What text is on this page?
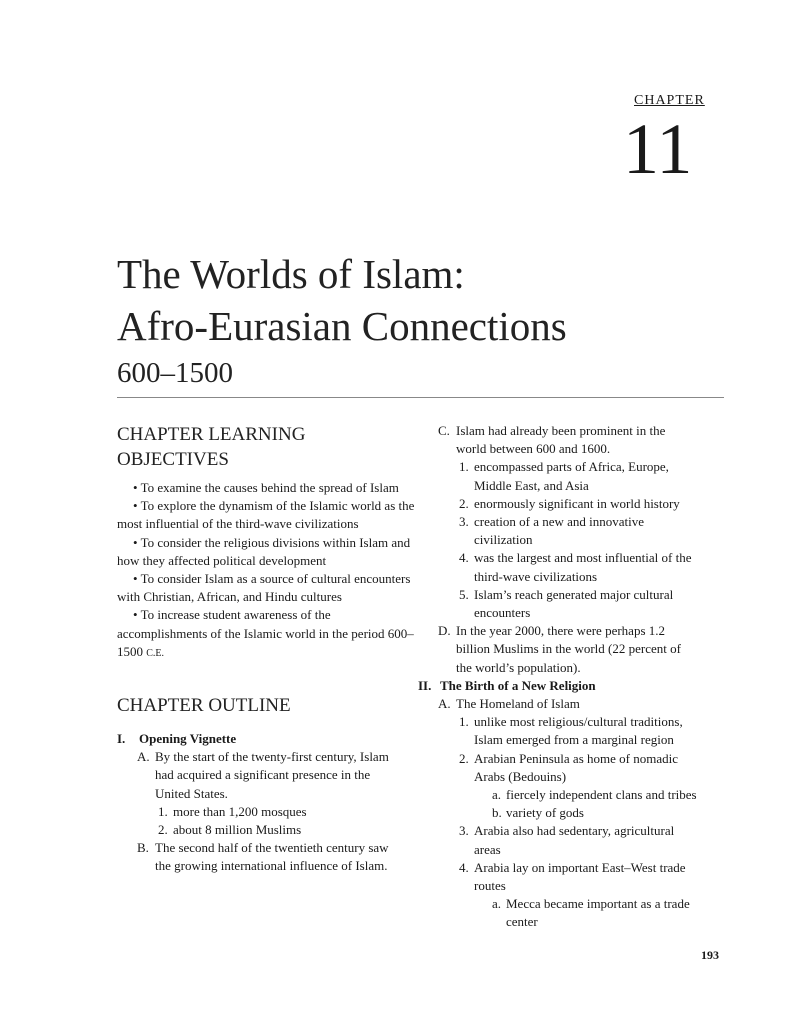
CHAPTER
11
The Worlds of Islam:
Afro-Eurasian Connections
600–1500
CHAPTER LEARNING
OBJECTIVES
• To examine the causes behind the spread of Islam
• To explore the dynamism of the Islamic world as the most influential of the third-wave civilizations
• To consider the religious divisions within Islam and how they affected political development
• To consider Islam as a source of cultural encounters with Christian, African, and Hindu cultures
• To increase student awareness of the accomplishments of the Islamic world in the period 600–1500 C.E.
CHAPTER OUTLINE
I. Opening Vignette
A. By the start of the twenty-first century, Islam
had acquired a significant presence in the
United States.
1. more than 1,200 mosques
2. about 8 million Muslims
B. The second half of the twentieth century saw
the growing international influence of Islam.
C. Islam had already been prominent in the
world between 600 and 1600.
1. encompassed parts of Africa, Europe,
Middle East, and Asia
2. enormously significant in world history
3. creation of a new and innovative
civilization
4. was the largest and most influential of the
third-wave civilizations
5. Islam’s reach generated major cultural
encounters
D. In the year 2000, there were perhaps 1.2
billion Muslims in the world (22 percent of
the world’s population).
II. The Birth of a New Religion
A. The Homeland of Islam
1. unlike most religious/cultural traditions,
Islam emerged from a marginal region
2. Arabian Peninsula as home of nomadic
Arabs (Bedouins)
a. fiercely independent clans and tribes
b. variety of gods
3. Arabia also had sedentary, agricultural
areas
4. Arabia lay on important East–West trade
routes
a. Mecca became important as a trade
center
193
